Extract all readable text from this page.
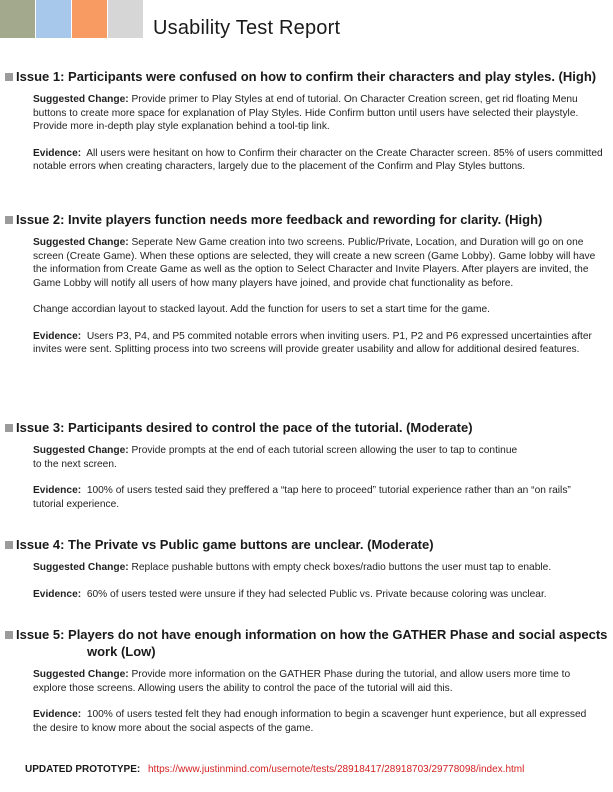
Usability Test Report
Issue 1: Participants were confused on how to confirm their characters and play styles. (High)

Suggested Change: Provide primer to Play Styles at end of tutorial. On Character Creation screen, get rid floating Menu buttons to create more space for explanation of Play Styles. Hide Confirm button until users have selected their playstyle. Provide more in-depth play style explanation behind a tool-tip link.

Evidence: All users were hesitant on how to Confirm their character on the Create Character screen. 85% of users committed notable errors when creating characters, largely due to the placement of the Confirm and Play Styles buttons.

Issue 2: Invite players function needs more feedback and rewording for clarity. (High)

Suggested Change: Seperate New Game creation into two screens. Public/Private, Location, and Duration will go on one screen (Create Game). When these options are selected, they will create a new screen (Game Lobby). Game lobby will have the information from Create Game as well as the option to Select Character and Invite Players. After players are invited, the Game Lobby will notify all users of how many players have joined, and provide chat functionality as before.

Change accordian layout to stacked layout. Add the function for users to set a start time for the game.

Evidence: Users P3, P4, and P5 commited notable errors when inviting users. P1, P2 and P6 expressed uncertainties after invites were sent. Splitting process into two screens will provide greater usability and allow for additional desired features.

Issue 3: Participants desired to control the pace of the tutorial. (Moderate)

Suggested Change: Provide prompts at the end of each tutorial screen allowing the user to tap to continue to the next screen.

Evidence: 100% of users tested said they preffered a “tap here to proceed” tutorial experience rather than an “on rails” tutorial experience.

Issue 4: The Private vs Public game buttons are unclear. (Moderate)

Suggested Change: Replace pushable buttons with empty check boxes/radio buttons the user must tap to enable.

Evidence: 60% of users tested were unsure if they had selected Public vs. Private because coloring was unclear.

Issue 5: Players do not have enough information on how the GATHER Phase and social aspects
work (Low)

Suggested Change: Provide more information on the GATHER Phase during the tutorial, and allow users more time to explore those screens. Allowing users the ability to control the pace of the tutorial will aid this.

Evidence: 100% of users tested felt they had enough information to begin a scavenger hunt experience, but all expressed the desire to know more about the social aspects of the game.

UPDATED PROTOTYPE: https://www.justinmind.com/usernote/tests/28918417/28918703/29778098/index.html
